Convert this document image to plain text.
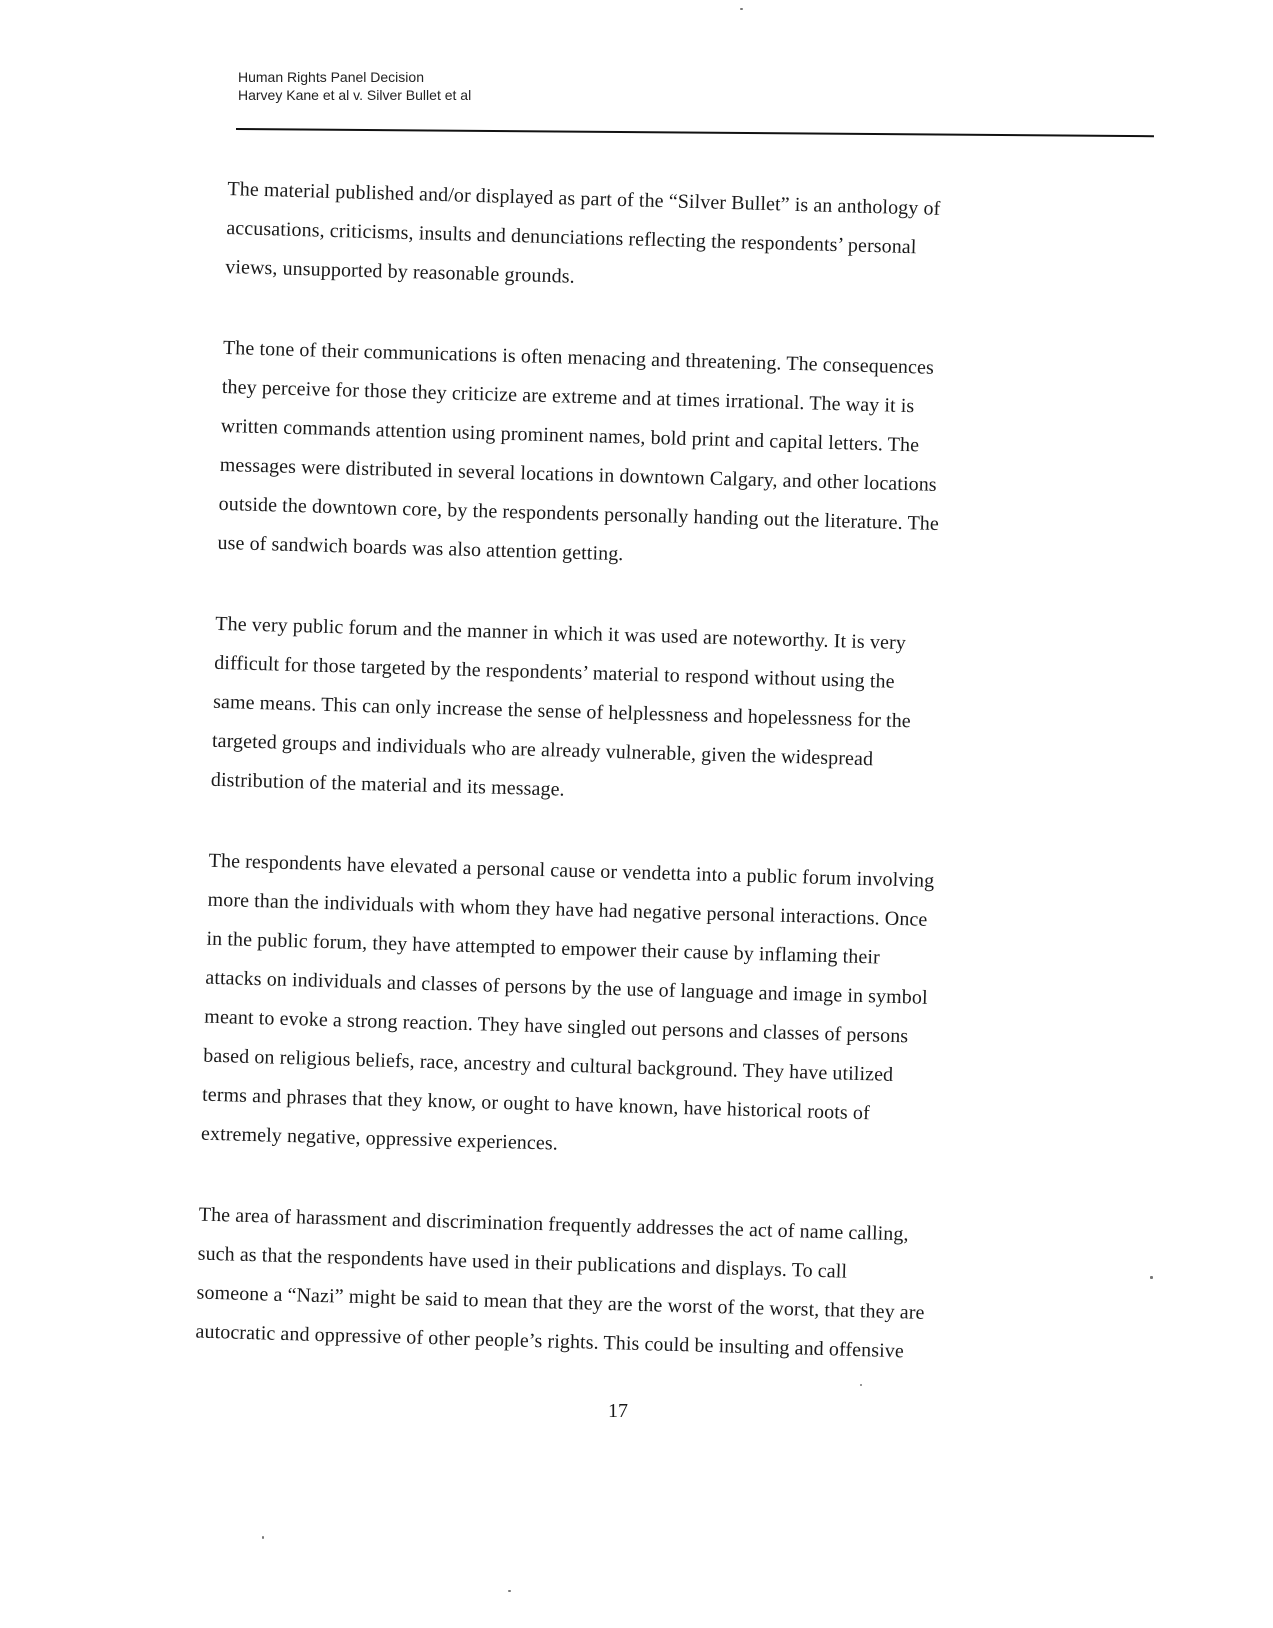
Human Rights Panel Decision
Harvey Kane et al v. Silver Bullet et al

The material published and/or displayed as part of the “Silver Bullet” is an anthology of
accusations, criticisms, insults and denunciations reflecting the respondents’ personal
views, unsupported by reasonable grounds.

The tone of their communications is often menacing and threatening. The consequences
they perceive for those they criticize are extreme and at times irrational. The way it is
written commands attention using prominent names, bold print and capital letters. The
messages were distributed in several locations in downtown Calgary, and other locations
outside the downtown core, by the respondents personally handing out the literature. The
use of sandwich boards was also attention getting.

The very public forum and the manner in which it was used are noteworthy. It is very
difficult for those targeted by the respondents’ material to respond without using the
same means. This can only increase the sense of helplessness and hopelessness for the
targeted groups and individuals who are already vulnerable, given the widespread
distribution of the material and its message.

The respondents have elevated a personal cause or vendetta into a public forum involving
more than the individuals with whom they have had negative personal interactions. Once
in the public forum, they have attempted to empower their cause by inflaming their
attacks on individuals and classes of persons by the use of language and image in symbol
meant to evoke a strong reaction. They have singled out persons and classes of persons
based on religious beliefs, race, ancestry and cultural background. They have utilized
terms and phrases that they know, or ought to have known, have historical roots of
extremely negative, oppressive experiences.

The area of harassment and discrimination frequently addresses the act of name calling,
such as that the respondents have used in their publications and displays. To call
someone a “Nazi” might be said to mean that they are the worst of the worst, that they are
autocratic and oppressive of other people’s rights. This could be insulting and offensive

17
